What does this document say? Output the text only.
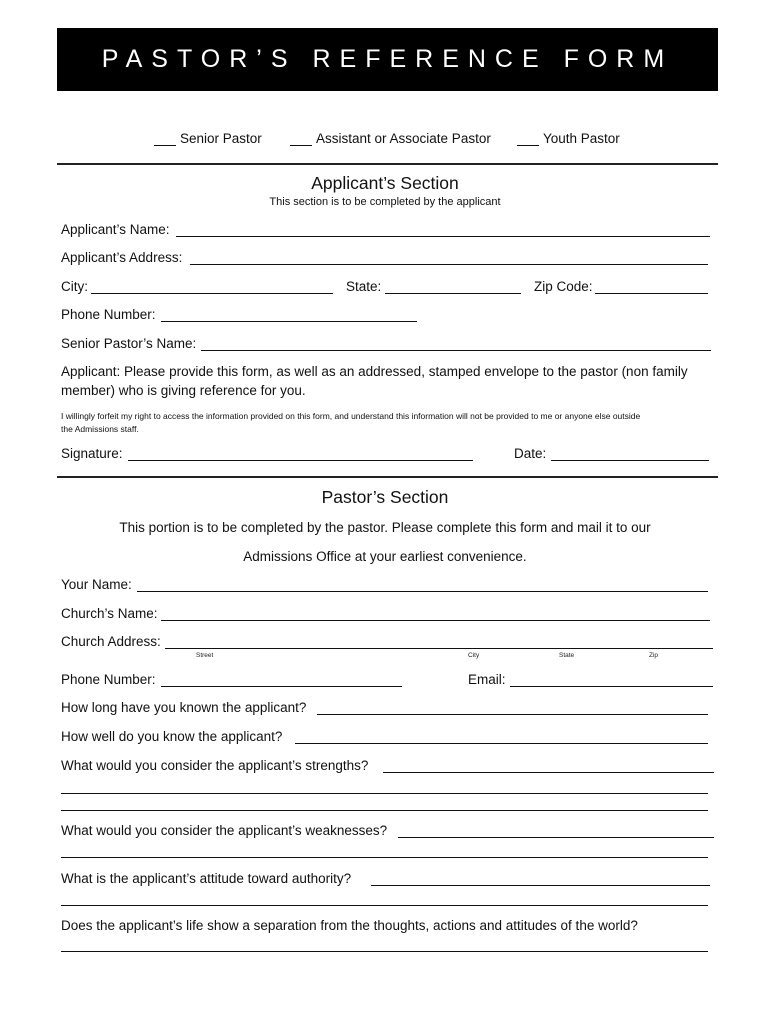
PASTOR’S REFERENCE FORM
Senior Pastor	Assistant or Associate Pastor	Youth Pastor
Applicant’s Section
This section is to be completed by the applicant
Applicant’s Name:
Applicant’s Address:
City:	State:	Zip Code:
Phone Number:
Senior Pastor’s Name:
Applicant: Please provide this form, as well as an addressed, stamped envelope to the pastor (non family
member) who is giving reference for you.
I willingly forfeit my right to access the information provided on this form, and understand this information will not be provided to me or anyone else outside
the Admissions staff.
Signature:	Date:
Pastor’s Section
This portion is to be completed by the pastor. Please complete this form and mail it to our
Admissions Office at your earliest convenience.
Your Name:
Church’s Name:
Church Address:
Street	City	State	Zip
Phone Number:	Email:
How long have you known the applicant?
How well do you know the applicant?
What would you consider the applicant’s strengths?
What would you consider the applicant’s weaknesses?
What is the applicant’s attitude toward authority?
Does the applicant’s life show a separation from the thoughts, actions and attitudes of the world?
